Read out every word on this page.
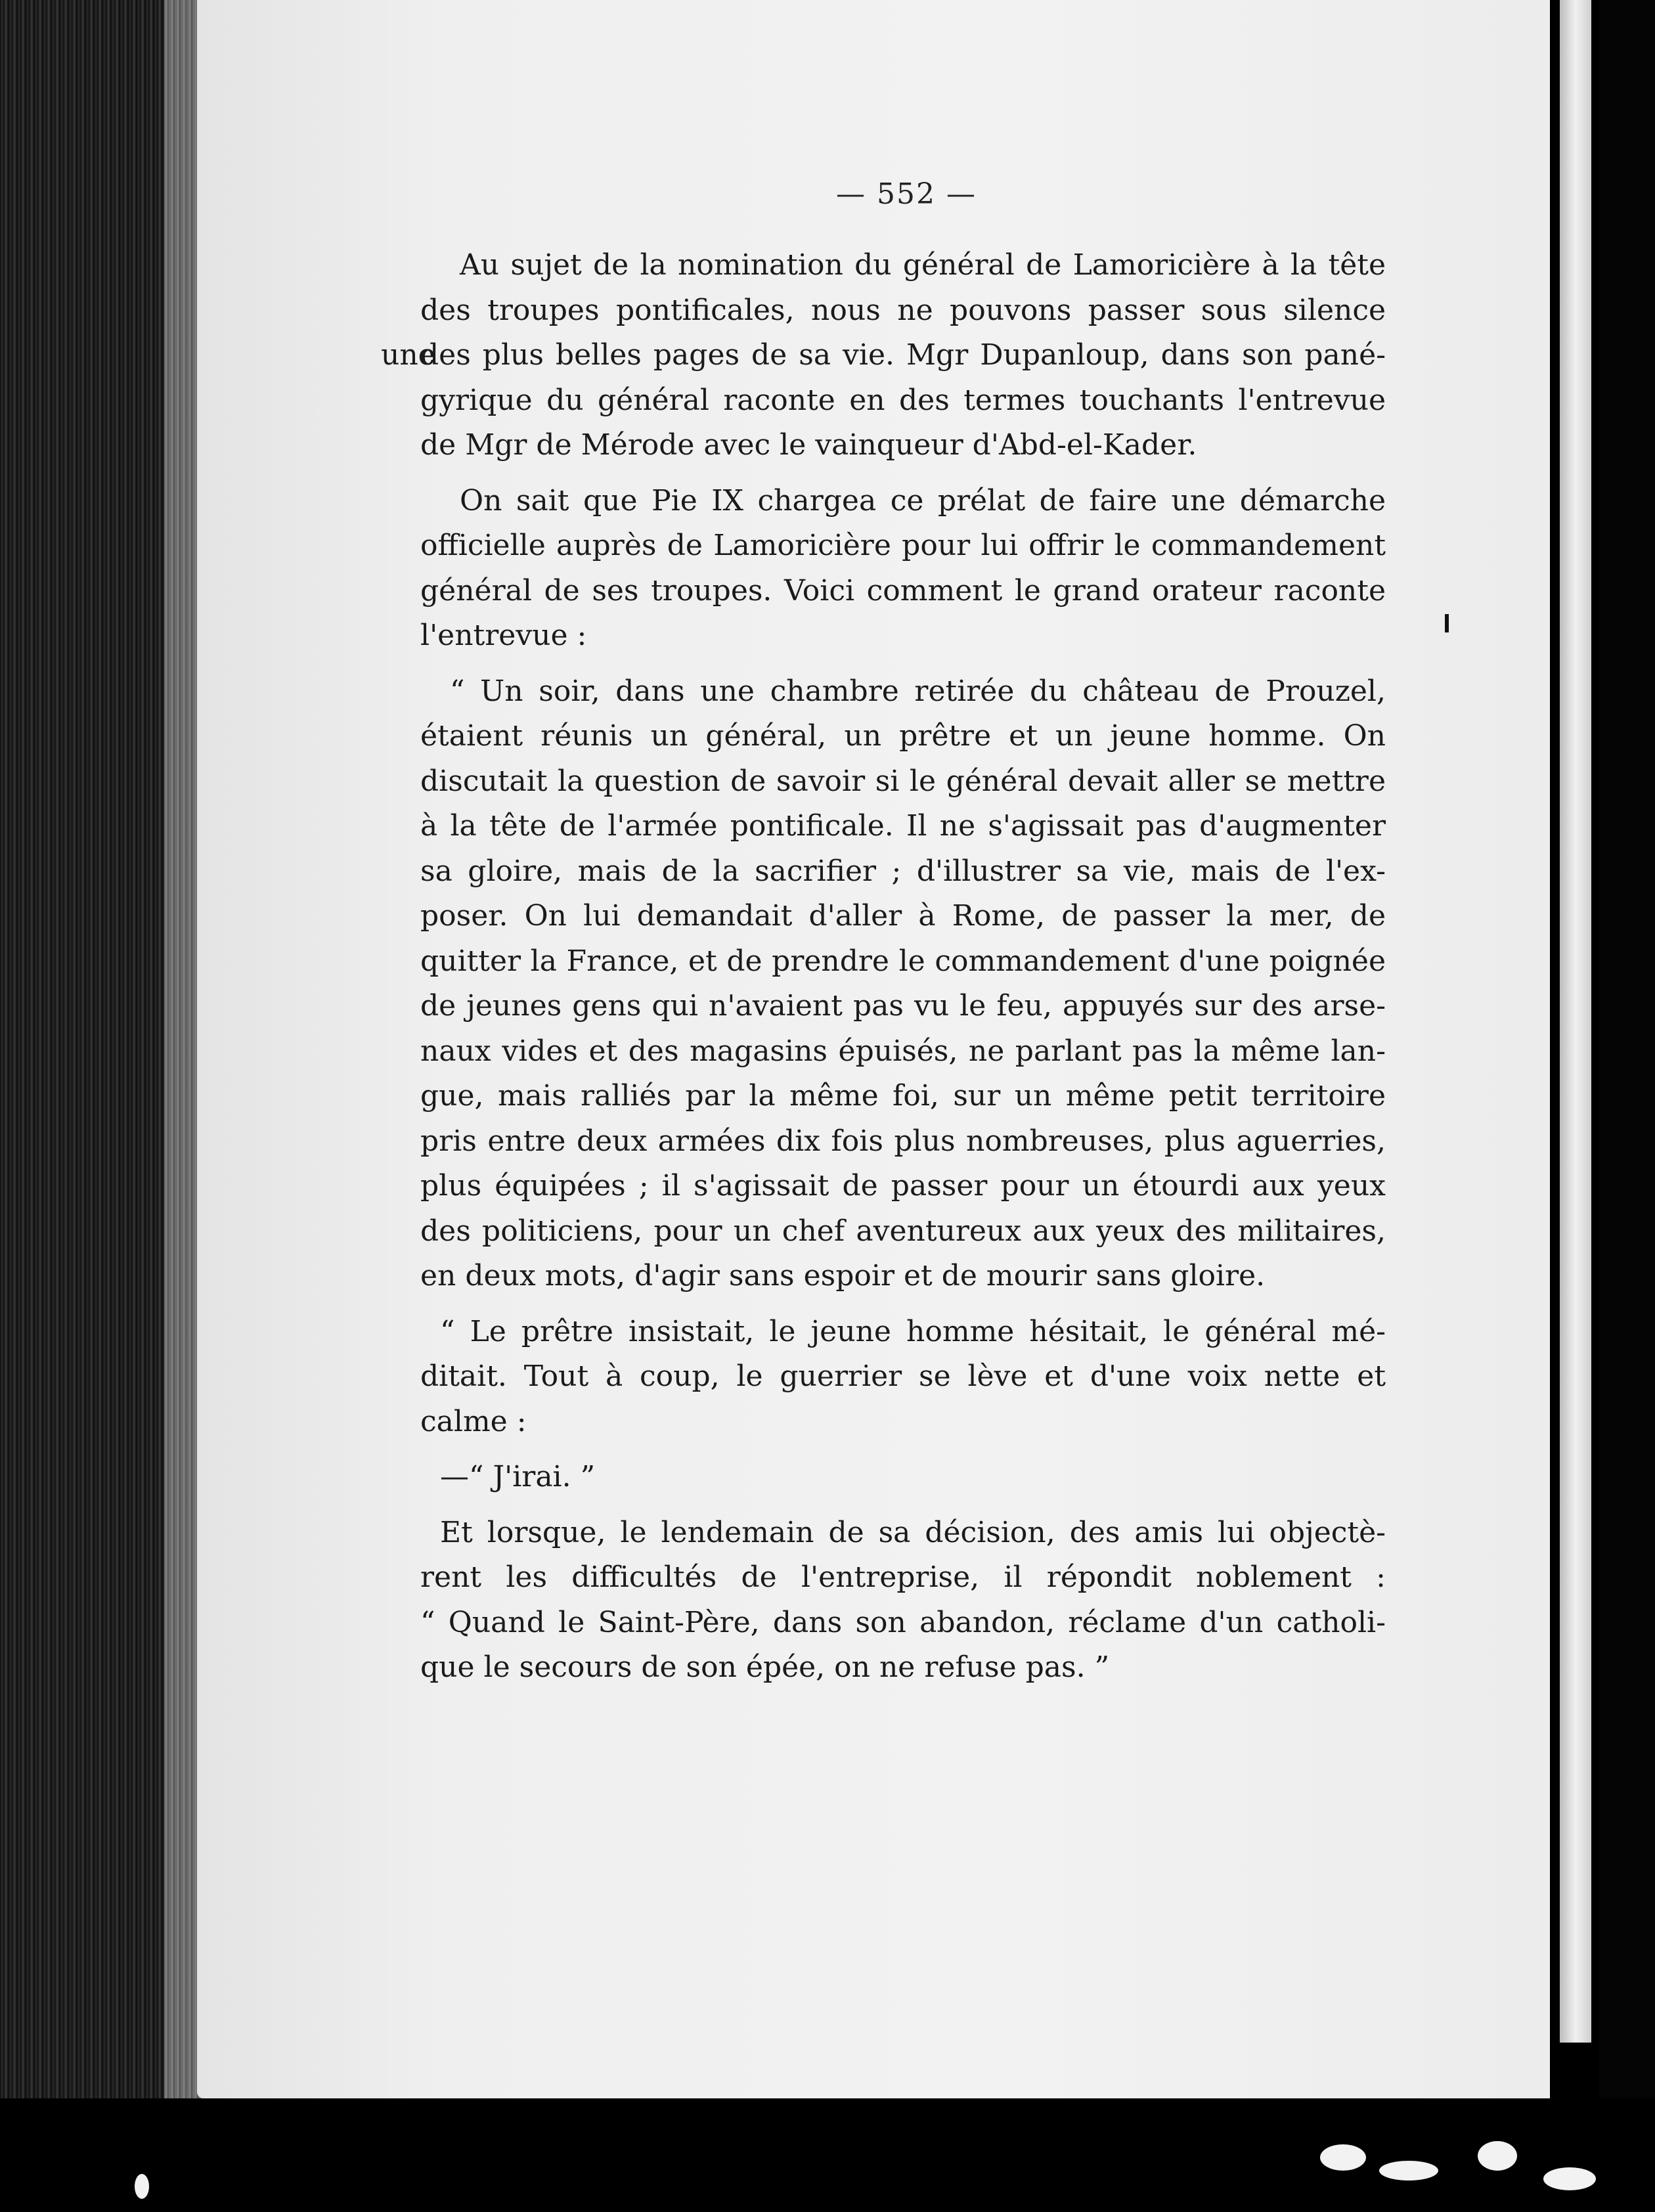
— 552 —
Au sujet de la nomination du général de Lamoricière à la tête
des troupes pontificales, nous ne pouvons passer sous silence une
des plus belles pages de sa vie. Mgr Dupanloup, dans son pané-
gyrique du général raconte en des termes touchants l'entrevue
de Mgr de Mérode avec le vainqueur d'Abd-el-Kader.
On sait que Pie IX chargea ce prélat de faire une démarche
officielle auprès de Lamoricière pour lui offrir le commandement
général de ses troupes. Voici comment le grand orateur raconte
l'entrevue :
“ Un soir, dans une chambre retirée du château de Prouzel,
étaient réunis un général, un prêtre et un jeune homme. On
discutait la question de savoir si le général devait aller se mettre
à la tête de l'armée pontificale. Il ne s'agissait pas d'augmenter
sa gloire, mais de la sacrifier ; d'illustrer sa vie, mais de l'ex-
poser. On lui demandait d'aller à Rome, de passer la mer, de
quitter la France, et de prendre le commandement d'une poignée
de jeunes gens qui n'avaient pas vu le feu, appuyés sur des arse-
naux vides et des magasins épuisés, ne parlant pas la même lan-
gue, mais ralliés par la même foi, sur un même petit territoire
pris entre deux armées dix fois plus nombreuses, plus aguerries,
plus équipées ; il s'agissait de passer pour un étourdi aux yeux
des politiciens, pour un chef aventureux aux yeux des militaires,
en deux mots, d'agir sans espoir et de mourir sans gloire.
“ Le prêtre insistait, le jeune homme hésitait, le général mé-
ditait. Tout à coup, le guerrier se lève et d'une voix nette et
calme :
—“ J'irai. ”
Et lorsque, le lendemain de sa décision, des amis lui objectè-
rent les difficultés de l'entreprise, il répondit noblement :
“ Quand le Saint-Père, dans son abandon, réclame d'un catholi-
que le secours de son épée, on ne refuse pas. ”
